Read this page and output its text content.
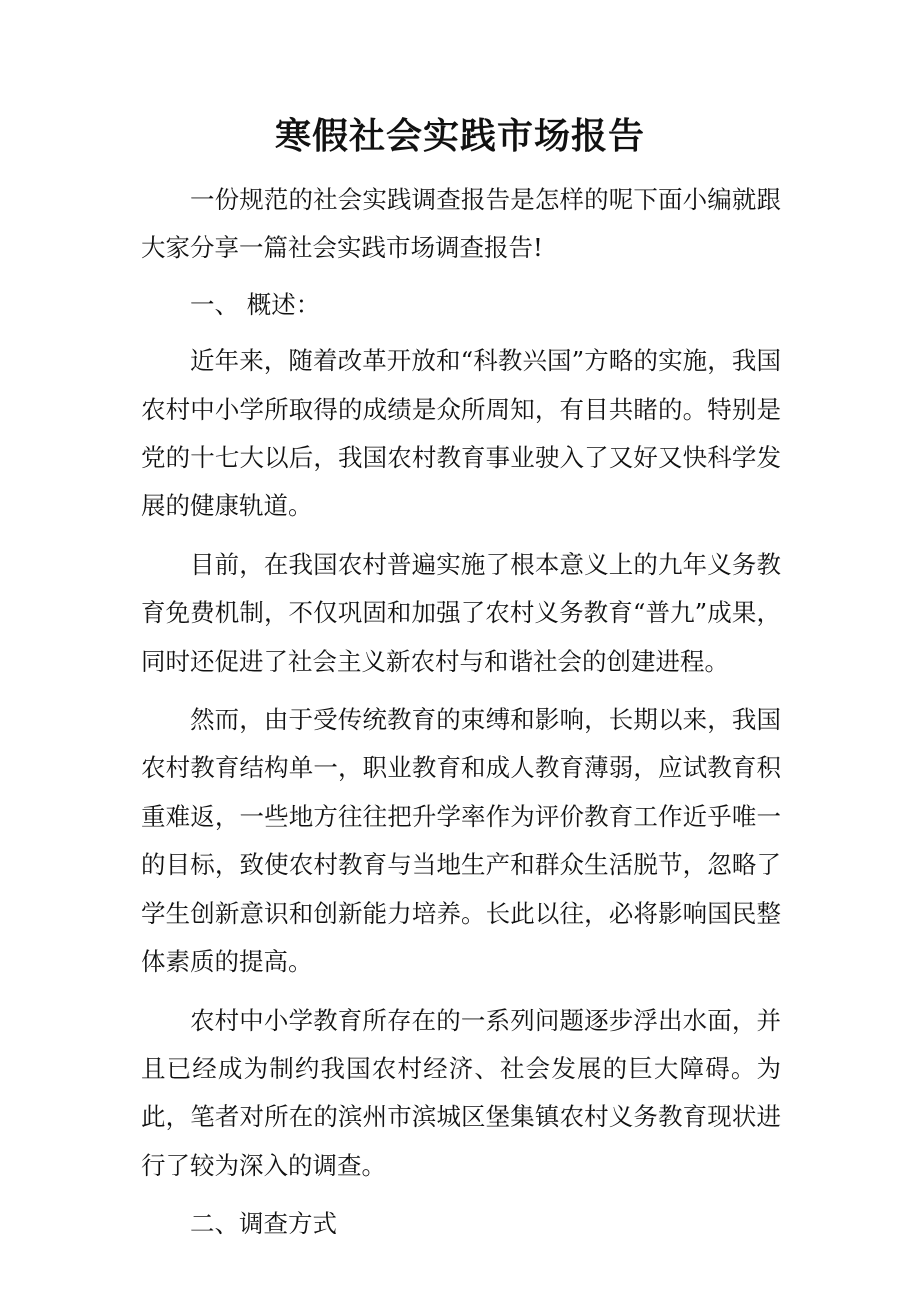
寒假社会实践市场报告

一份规范的社会实践调查报告是怎样的呢下面小编就跟大家分享一篇社会实践市场调查报告!

一、 概述：

近年来，随着改革开放和“科教兴国”方略的实施，我国农村中小学所取得的成绩是众所周知，有目共睹的。特别是党的十七大以后，我国农村教育事业驶入了又好又快科学发展的健康轨道。

目前，在我国农村普遍实施了根本意义上的九年义务教育免费机制，不仅巩固和加强了农村义务教育“普九”成果，同时还促进了社会主义新农村与和谐社会的创建进程。

然而，由于受传统教育的束缚和影响，长期以来，我国农村教育结构单一，职业教育和成人教育薄弱，应试教育积重难返，一些地方往往把升学率作为评价教育工作近乎唯一的目标，致使农村教育与当地生产和群众生活脱节，忽略了学生创新意识和创新能力培养。长此以往，必将影响国民整体素质的提高。

农村中小学教育所存在的一系列问题逐步浮出水面，并且已经成为制约我国农村经济、社会发展的巨大障碍。为此，笔者对所在的滨州市滨城区堡集镇农村义务教育现状进行了较为深入的调查。

二、调查方式
